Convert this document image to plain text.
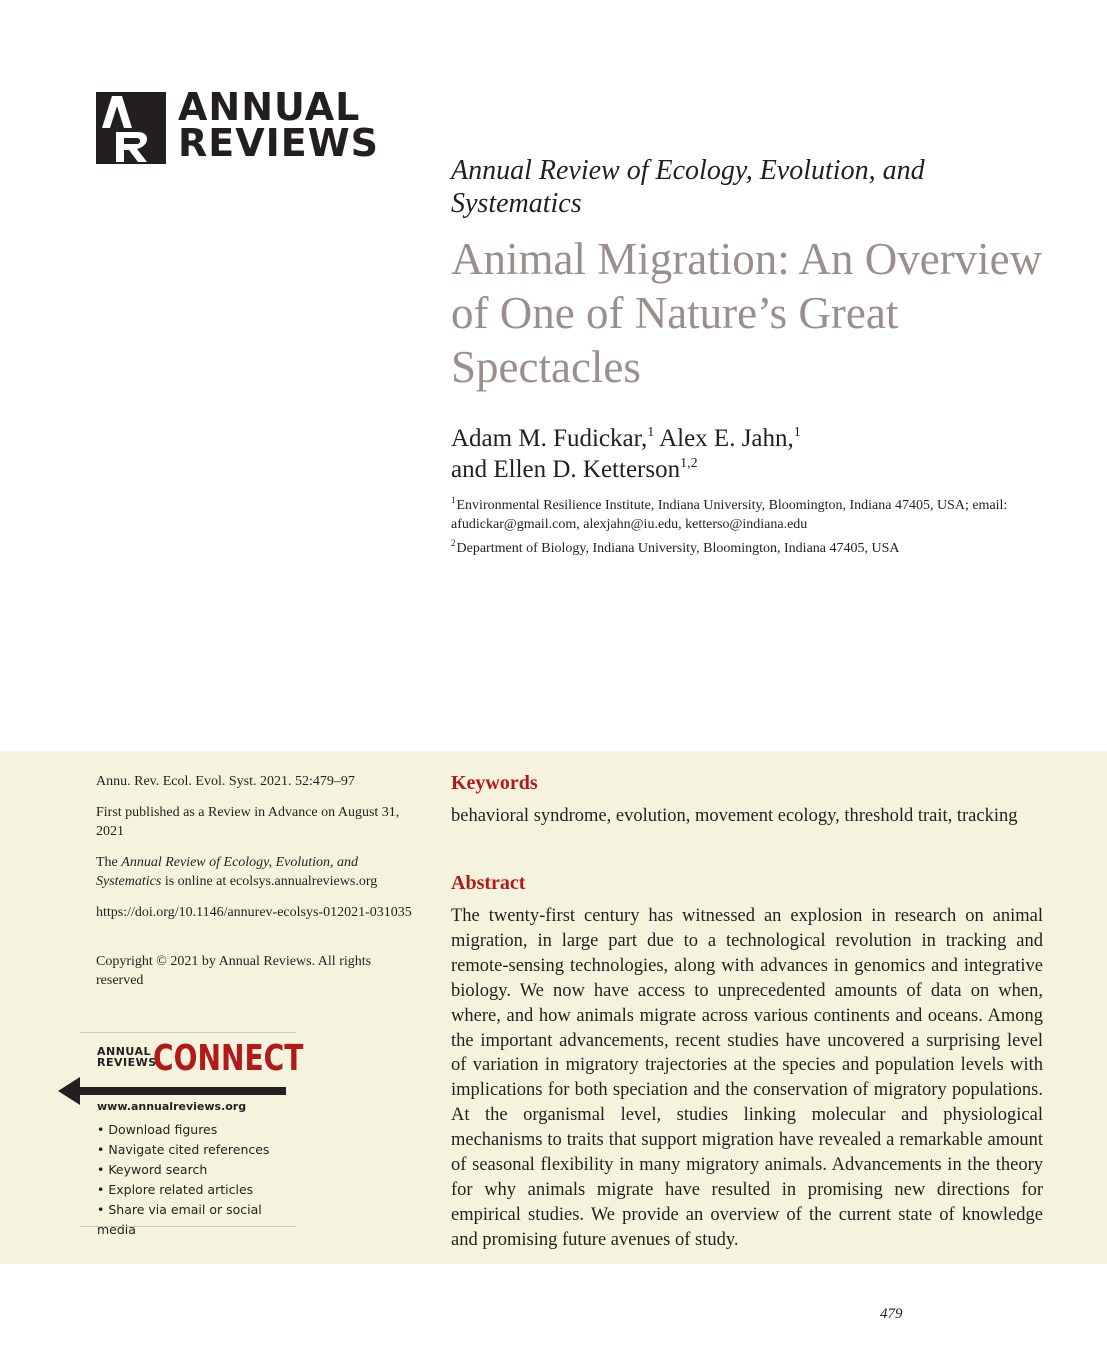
ANNUAL
REVIEWS
Annual Review of Ecology, Evolution, and Systematics
Animal Migration: An Overview of One of Nature’s Great Spectacles
Adam M. Fudickar,$^1$ Alex E. Jahn,$^1$
and Ellen D. Ketterson$^{1,2}$
$^1$Environmental Resilience Institute, Indiana University, Bloomington, Indiana 47405, USA; email: afudickar@gmail.com, alexjahn@iu.edu, ketterso@indiana.edu
$^2$Department of Biology, Indiana University, Bloomington, Indiana 47405, USA
Annu. Rev. Ecol. Evol. Syst. 2021. 52:479–97
First published as a Review in Advance on August 31, 2021
The Annual Review of Ecology, Evolution, and Systematics is online at ecolsys.annualreviews.org
https://doi.org/10.1146/annurev-ecolsys-012021-031035
Copyright © 2021 by Annual Reviews. All rights reserved
ANNUAL
REVIEWS
CONNECT
www.annualreviews.org
• Download figures
• Navigate cited references
• Keyword search
• Explore related articles
• Share via email or social media
Keywords
behavioral syndrome, evolution, movement ecology, threshold trait, tracking
Abstract
The twenty-first century has witnessed an explosion in research on animal migration, in large part due to a technological revolution in tracking and remote-sensing technologies, along with advances in genomics and integrative biology. We now have access to unprecedented amounts of data on when, where, and how animals migrate across various continents and oceans. Among the important advancements, recent studies have uncovered a surprising level of variation in migratory trajectories at the species and population levels with implications for both speciation and the conservation of migratory populations. At the organismal level, studies linking molecular and physiological mechanisms to traits that support migration have revealed a remarkable amount of seasonal flexibility in many migratory animals. Advancements in the theory for why animals migrate have resulted in promising new directions for empirical studies. We provide an overview of the current state of knowledge and promising future avenues of study.
479
